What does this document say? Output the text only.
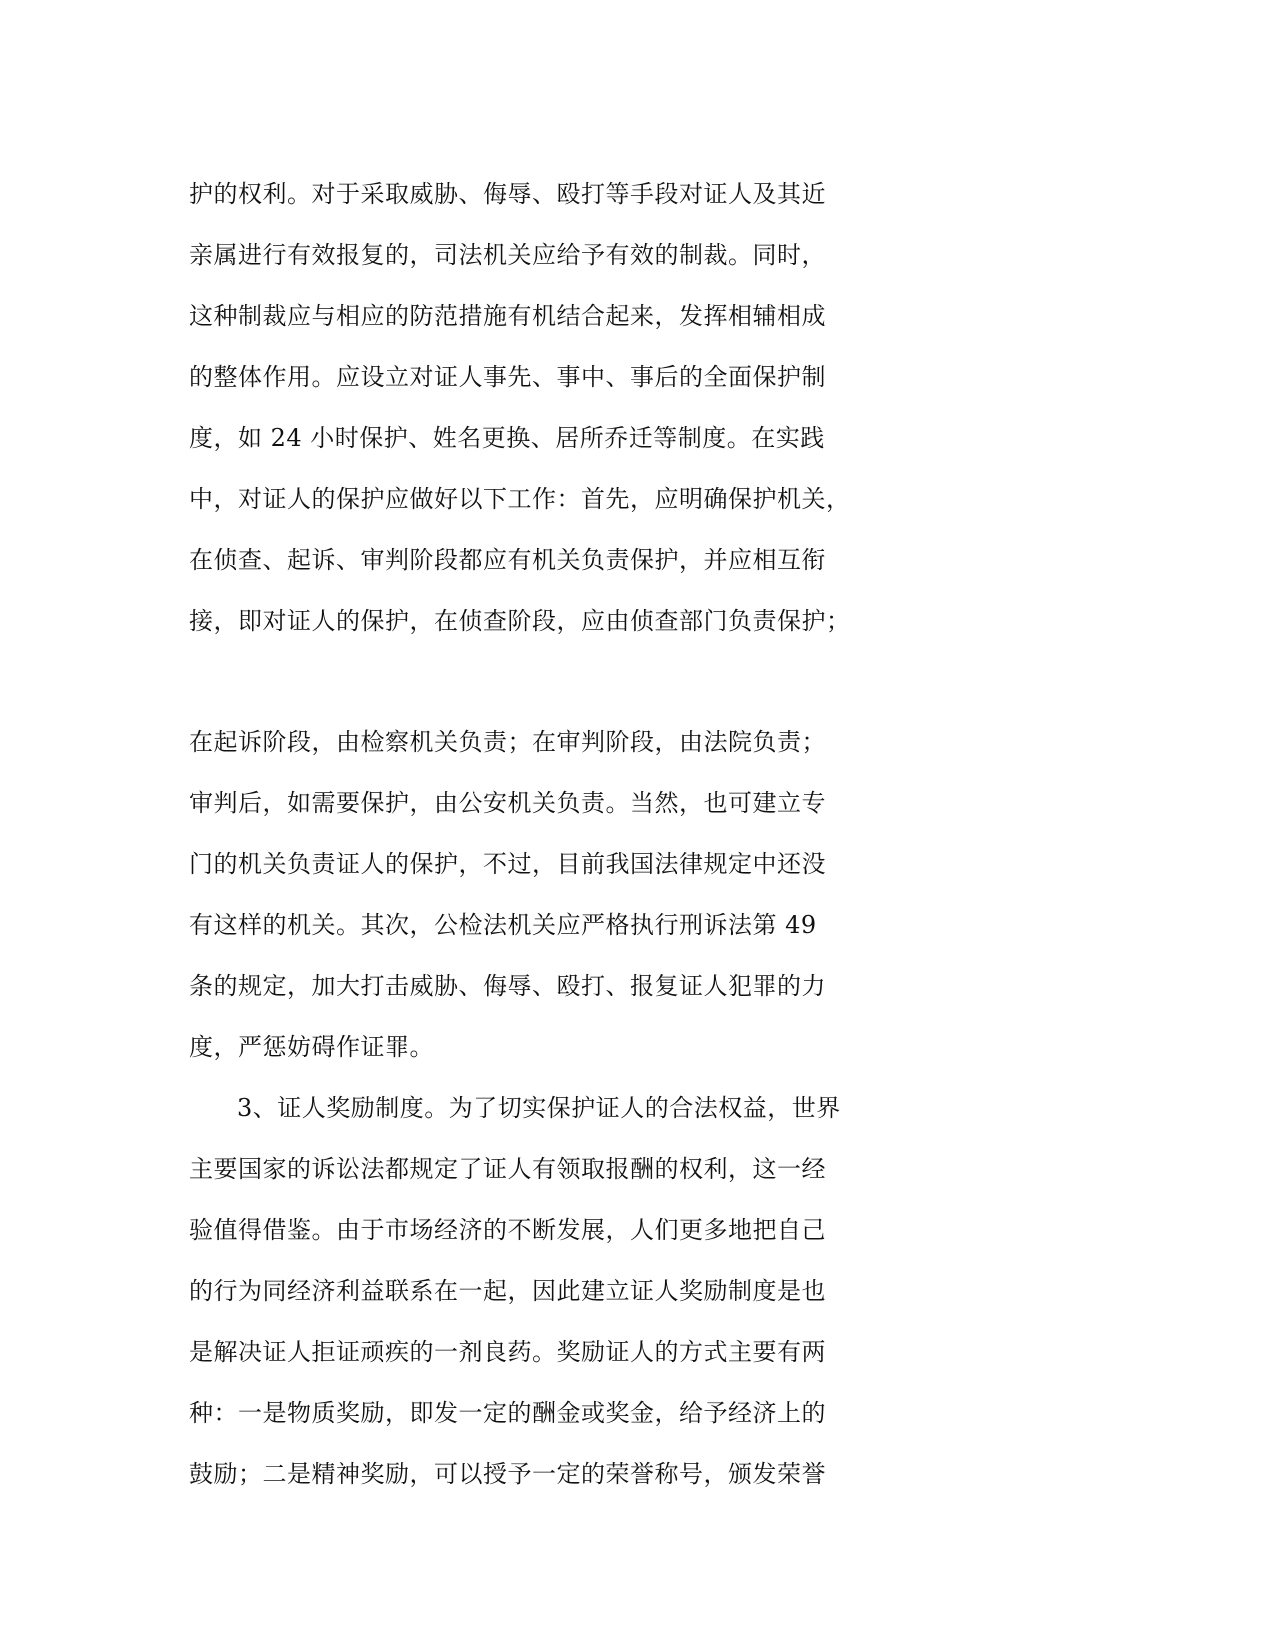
护的权利。对于采取威胁、侮辱、殴打等手段对证人及其近
亲属进行有效报复的，司法机关应给予有效的制裁。同时，
这种制裁应与相应的防范措施有机结合起来，发挥相辅相成
的整体作用。应设立对证人事先、事中、事后的全面保护制
度，如 24 小时保护、姓名更换、居所乔迁等制度。在实践
中，对证人的保护应做好以下工作：首先，应明确保护机关，
在侦查、起诉、审判阶段都应有机关负责保护，并应相互衔
接，即对证人的保护，在侦查阶段，应由侦查部门负责保护；
在起诉阶段，由检察机关负责；在审判阶段，由法院负责；
审判后，如需要保护，由公安机关负责。当然，也可建立专
门的机关负责证人的保护，不过，目前我国法律规定中还没
有这样的机关。其次，公检法机关应严格执行刑诉法第 49
条的规定，加大打击威胁、侮辱、殴打、报复证人犯罪的力
度，严惩妨碍作证罪。
3、证人奖励制度。为了切实保护证人的合法权益，世界
主要国家的诉讼法都规定了证人有领取报酬的权利，这一经
验值得借鉴。由于市场经济的不断发展，人们更多地把自己
的行为同经济利益联系在一起，因此建立证人奖励制度是也
是解决证人拒证顽疾的一剂良药。奖励证人的方式主要有两
种：一是物质奖励，即发一定的酬金或奖金，给予经济上的
鼓励；二是精神奖励，可以授予一定的荣誉称号，颁发荣誉
